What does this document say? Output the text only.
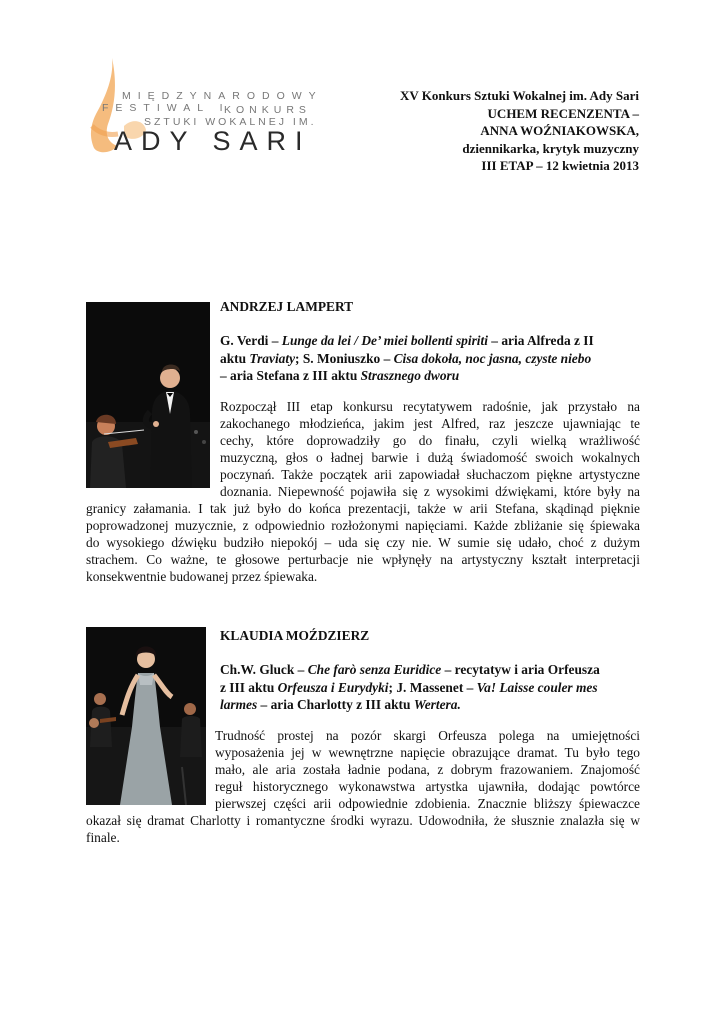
MIĘDZYNARODOWY
FESTIWAL I
KONKURS
SZTUKI WOKALNEJ IM.
ADY SARI
XV Konkurs Sztuki Wokalnej im. Ady Sari
UCHEM RECENZENTA –
ANNA WOŹNIAKOWSKA,
dziennikarka, krytyk muzyczny
III ETAP – 12 kwietnia 2013
ANDRZEJ LAMPERT
G. Verdi – Lunge da lei / De’ miei bollenti spiriti – aria Alfreda z II
aktu Traviaty; S. Moniuszko – Cisa dokoła, noc jasna, czyste niebo
– aria Stefana z III aktu Strasznego dworu
Rozpoczął III etap konkursu recytatywem radośnie, jak przystało na
zakochanego młodzieńca, jakim jest Alfred, raz jeszcze ujawniając te
cechy, które doprowadziły go do finału, czyli wielką wrażliwość
muzyczną, głos o ładnej barwie i dużą świadomość swoich wokalnych
poczynań. Także początek arii zapowiadał słuchaczom piękne artystyczne
doznania. Niepewność pojawiła się z wysokimi dźwiękami, które były na
granicy załamania. I tak już było do końca prezentacji, także w arii Stefana, skądinąd pięknie
poprowadzonej muzycznie, z odpowiednio rozłożonymi napięciami. Każde zbliżanie się śpiewaka
do wysokiego dźwięku budziło niepokój – uda się czy nie. W sumie się udało, choć z dużym
strachem. Co ważne, te głosowe perturbacje nie wpłynęły na artystyczny kształt interpretacji
konsekwentnie budowanej przez śpiewaka.
KLAUDIA MOŹDZIERZ
Ch.W. Gluck – Che farò senza Euridice – recytatyw i aria Orfeusza
z III aktu Orfeusza i Eurydyki; J. Massenet – Va! Laisse couler mes
larmes – aria Charlotty z III aktu Wertera.
Trudność prostej na pozór skargi Orfeusza polega na umiejętności
wyposażenia jej w wewnętrzne napięcie obrazujące dramat. Tu było tego
mało, ale aria została ładnie podana, z dobrym frazowaniem. Znajomość
reguł historycznego wykonawstwa artystka ujawniła, dodając powtórce
pierwszej części arii odpowiednie zdobienia. Znacznie bliższy śpiewaczce
okazał się dramat Charlotty i romantyczne środki wyrazu. Udowodniła, że słusznie znalazła się w
finale.
